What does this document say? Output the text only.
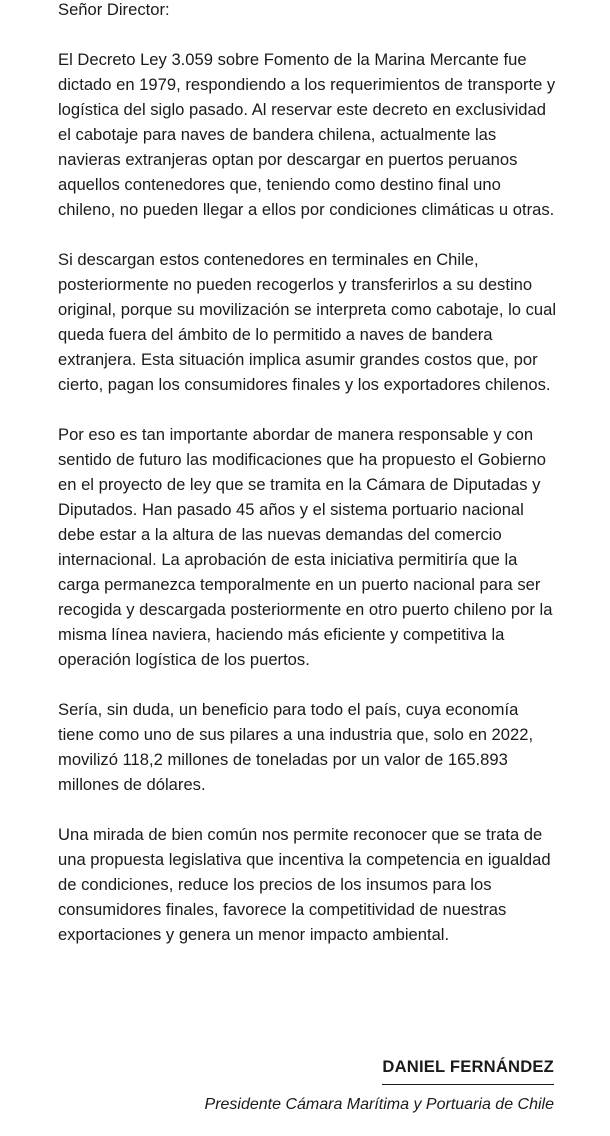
Señor Director:

El Decreto Ley 3.059 sobre Fomento de la Marina Mercante fue dictado en 1979, respondiendo a los requerimientos de transporte y logística del siglo pasado. Al reservar este decreto en exclusividad el cabotaje para naves de bandera chilena, actualmente las navieras extranjeras optan por descargar en puertos peruanos aquellos contenedores que, teniendo como destino final uno chileno, no pueden llegar a ellos por condiciones climáticas u otras.

Si descargan estos contenedores en terminales en Chile, posteriormente no pueden recogerlos y transferirlos a su destino original, porque su movilización se interpreta como cabotaje, lo cual queda fuera del ámbito de lo permitido a naves de bandera extranjera. Esta situación implica asumir grandes costos que, por cierto, pagan los consumidores finales y los exportadores chilenos.

Por eso es tan importante abordar de manera responsable y con sentido de futuro las modificaciones que ha propuesto el Gobierno en el proyecto de ley que se tramita en la Cámara de Diputadas y Diputados. Han pasado 45 años y el sistema portuario nacional debe estar a la altura de las nuevas demandas del comercio internacional. La aprobación de esta iniciativa permitiría que la carga permanezca temporalmente en un puerto nacional para ser recogida y descargada posteriormente en otro puerto chileno por la misma línea naviera, haciendo más eficiente y competitiva la operación logística de los puertos.

Sería, sin duda, un beneficio para todo el país, cuya economía tiene como uno de sus pilares a una industria que, solo en 2022, movilizó 118,2 millones de toneladas por un valor de 165.893 millones de dólares.

Una mirada de bien común nos permite reconocer que se trata de una propuesta legislativa que incentiva la competencia en igualdad de condiciones, reduce los precios de los insumos para los consumidores finales, favorece la competitividad de nuestras exportaciones y genera un menor impacto ambiental.

DANIEL FERNÁNDEZ
Presidente Cámara Marítima y Portuaria de Chile
